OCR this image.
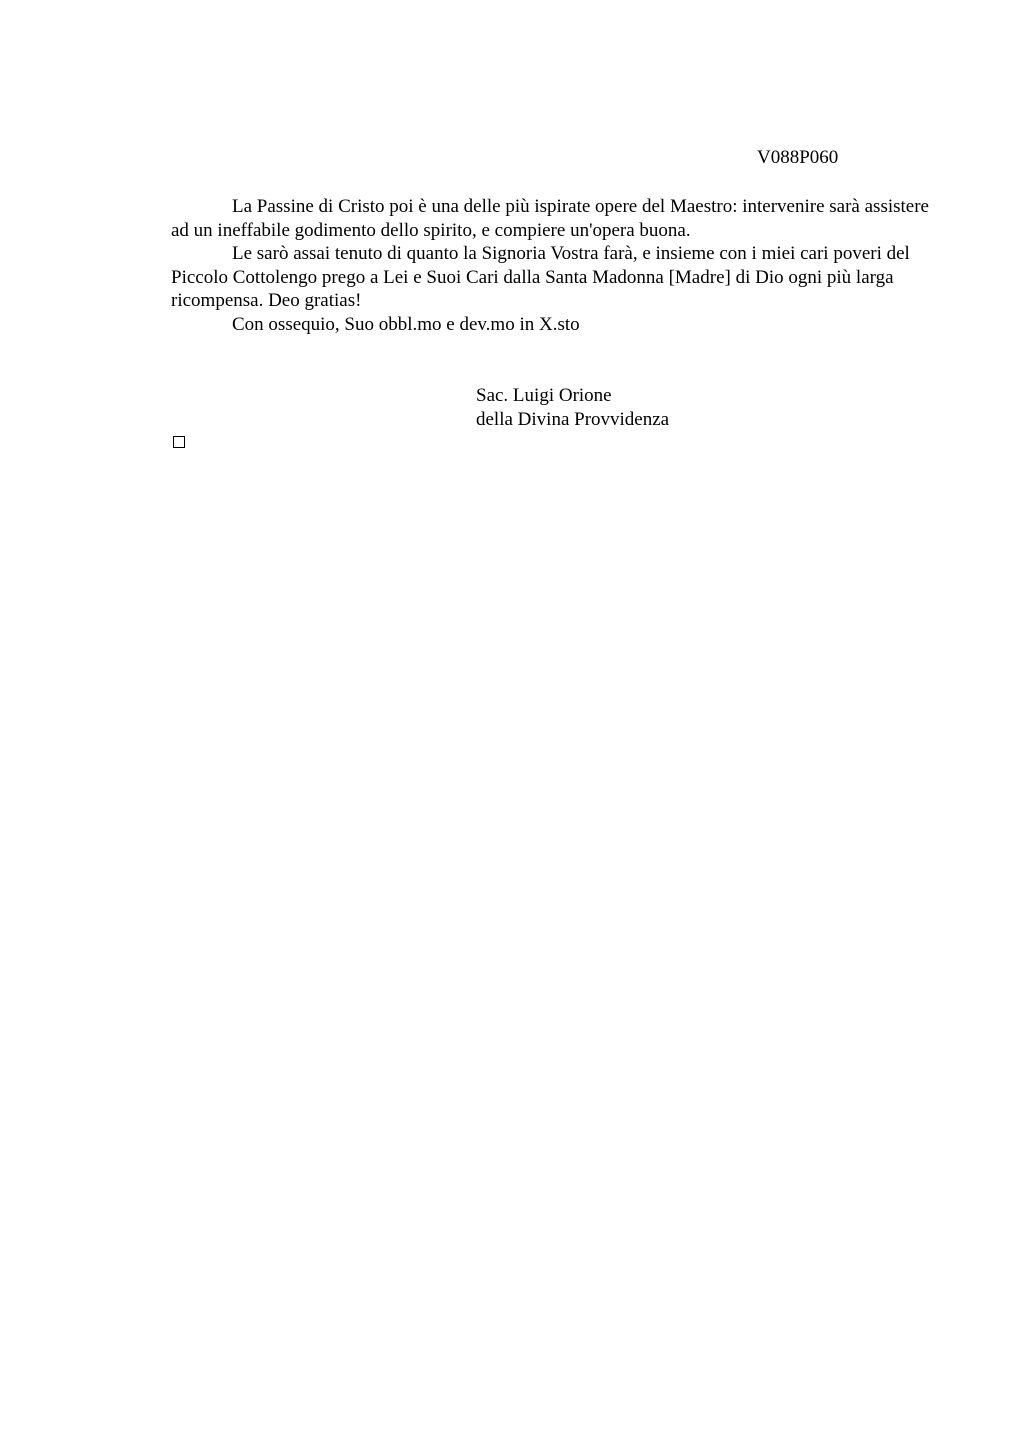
V088P060

La Passine di Cristo poi è una delle più ispirate opere del Maestro: intervenire sarà assistere ad un ineffabile godimento dello spirito, e compiere un'opera buona.

Le sarò assai tenuto di quanto la Signoria Vostra farà, e insieme con i miei cari poveri del Piccolo Cottolengo prego a Lei e Suoi Cari dalla Santa Madonna [Madre] di Dio ogni più larga ricompensa. Deo gratias!

Con ossequio, Suo obbl.mo e dev.mo in X.sto

Sac. Luigi Orione
della Divina Provvidenza
